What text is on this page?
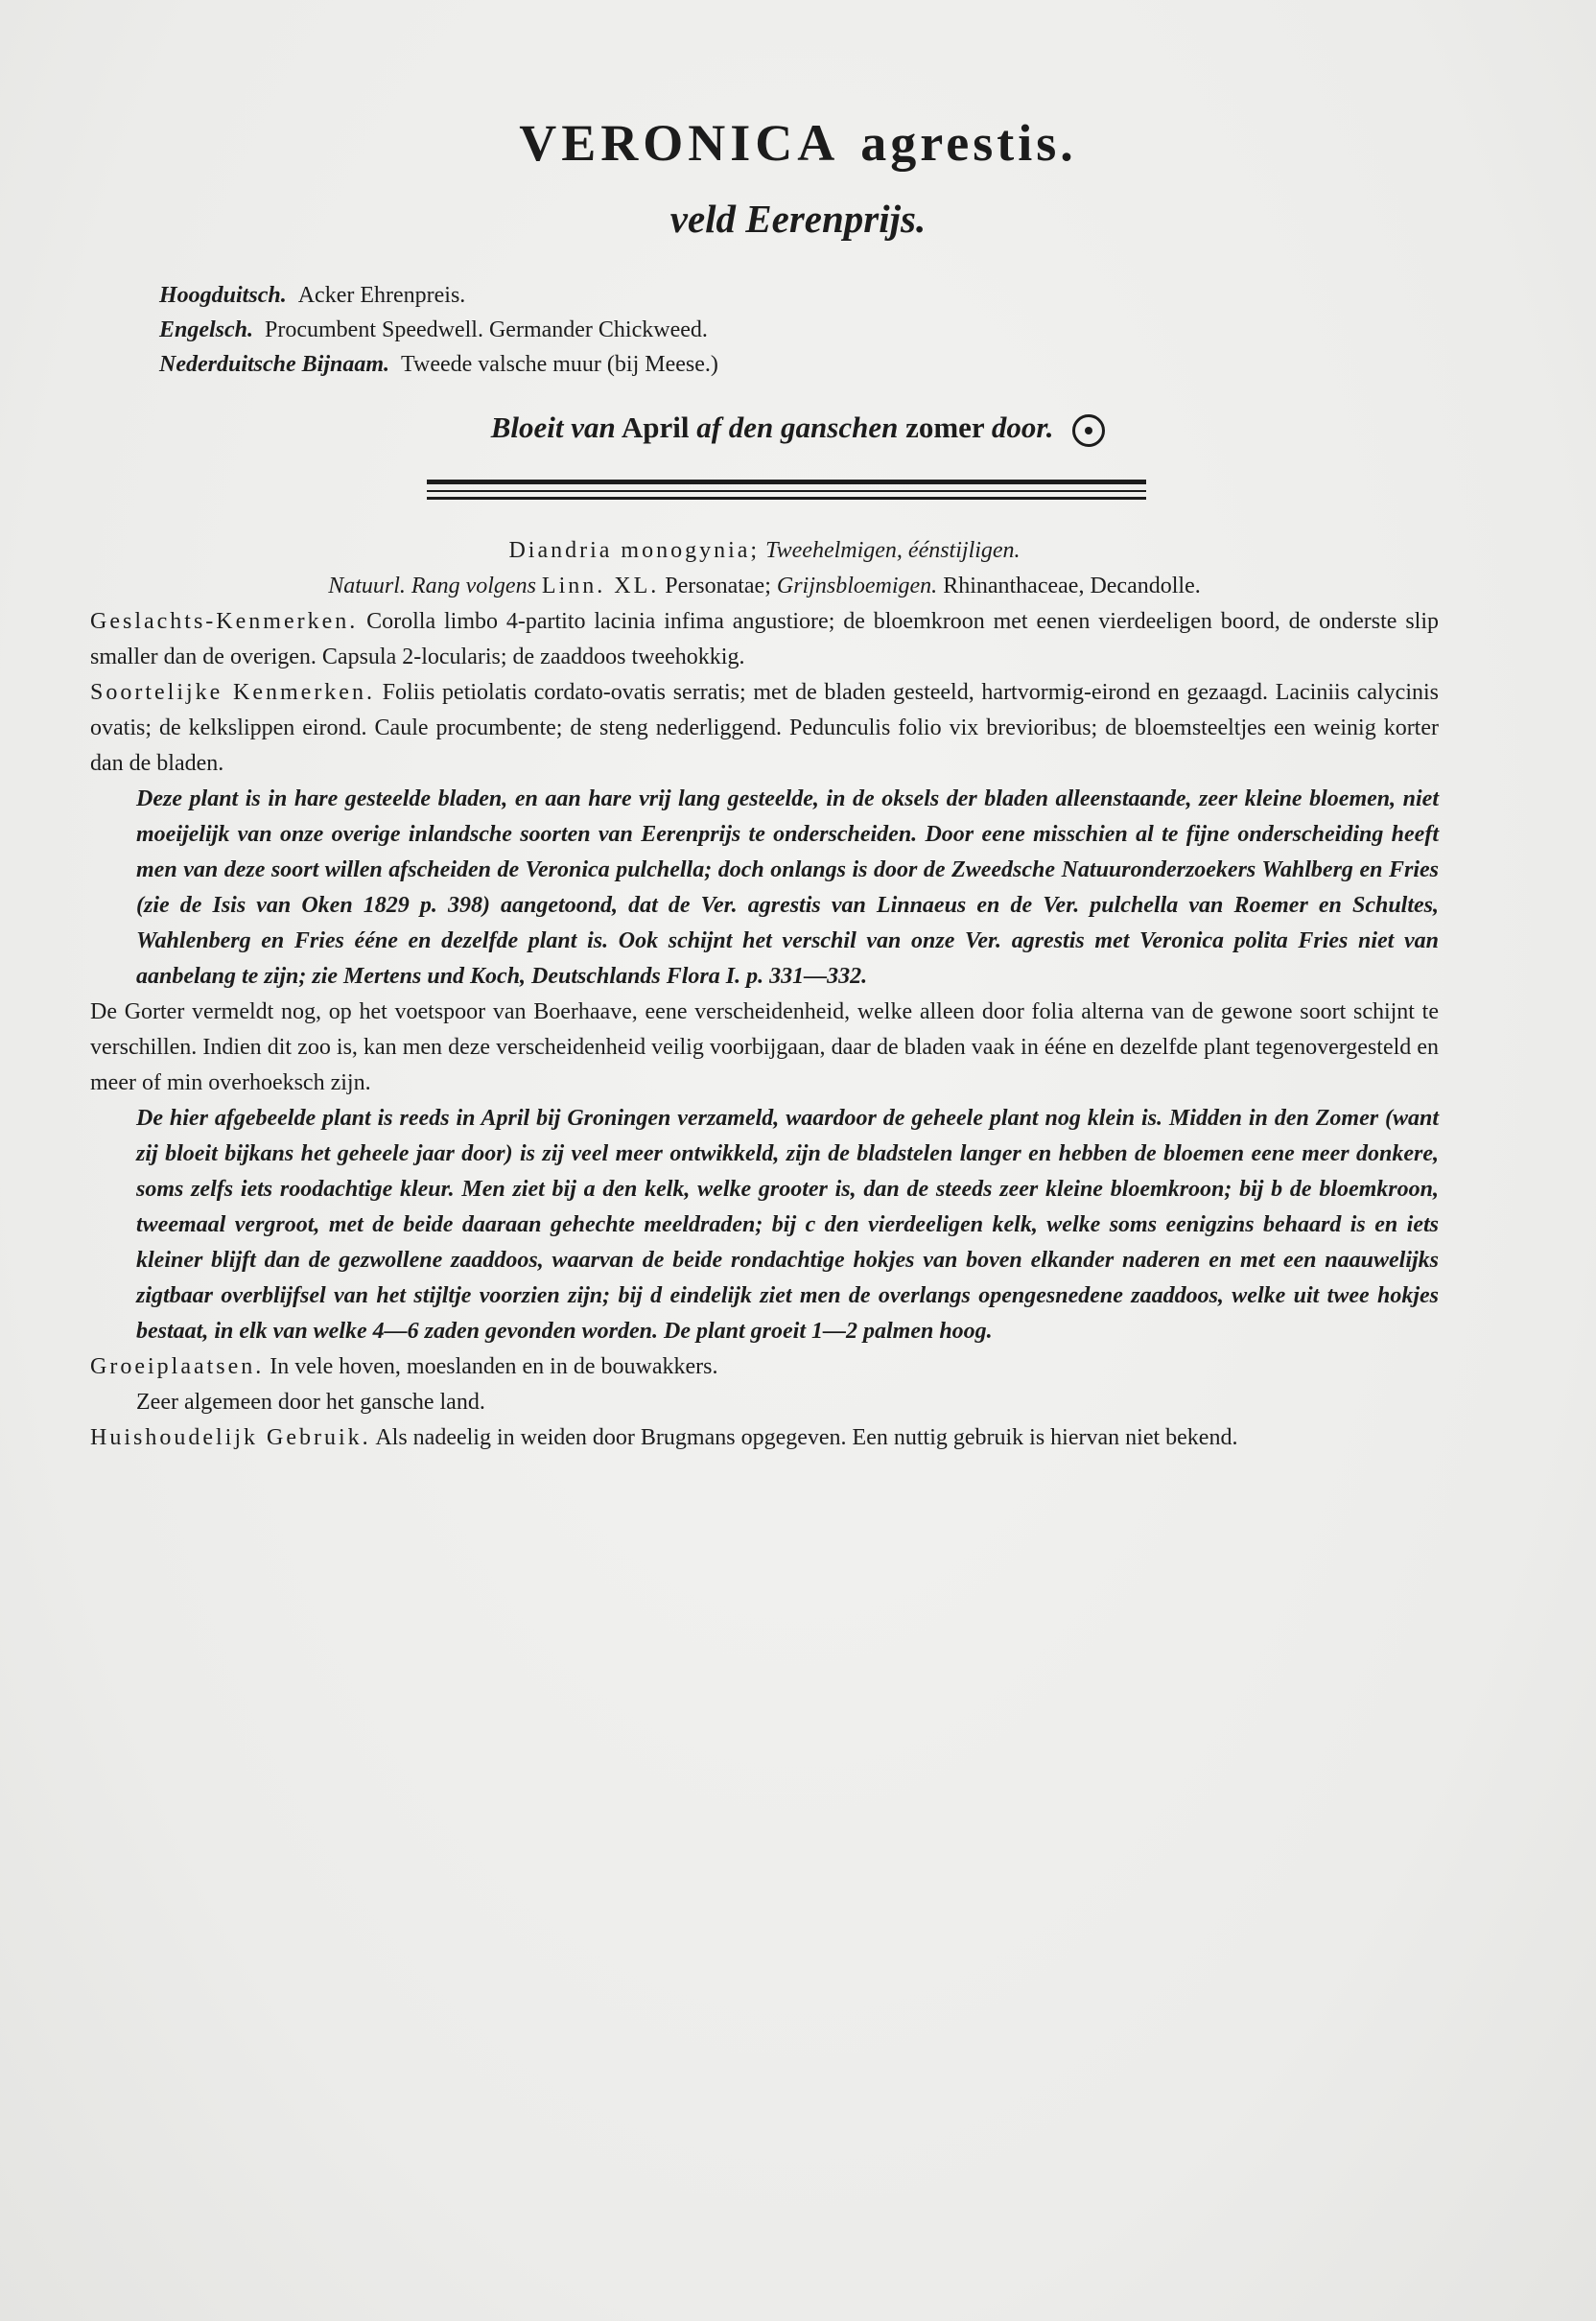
VERONICA agrestis.
veld Eerenprijs.
Hoogduitsch. Acker Ehrenpreis.
Engelsch. Procumbent Speedwell. Germander Chickweed.
Nederduitsche Bijnaam. Tweede valsche muur (bij Meese.)
Bloeit van April af den ganschen zomer door.

Diandria monogynia; Tweehelmigen, éénstijligen.

Natuurl. Rang volgens Linn. XL. Personatae; Grijnsbloemigen. Rhinanthaceae, Decandolle.

Geslachts-Kenmerken. Corolla limbo 4-partito lacinia infima angustiore; de bloemkroon met eenen vierdeeligen boord, de onderste slip smaller dan de overigen. Capsula 2-locularis; de zaaddoos tweehokkig.

Soortelijke Kenmerken. Foliis petiolatis cordato-ovatis serratis; met de bladen gesteeld, hartvormig-eirond en gezaagd. Laciniis calycinis ovatis; de kelkslippen eirond. Caule procumbente; de steng nederliggend. Pedunculis folio vix brevioribus; de bloemsteeltjes een weinig korter dan de bladen.

Deze plant is in hare gesteelde bladen, en aan hare vrij lang gesteelde, in de oksels der bladen alleenstaande, zeer kleine bloemen, niet moeijelijk van onze overige inlandsche soorten van Eerenprijs te onderscheiden. Door eene misschien al te fijne onderscheiding heeft men van deze soort willen afscheiden de Veronica pulchella; doch onlangs is door de Zweedsche Natuuronderzoekers Wahlberg en Fries (zie de Isis van Oken 1829 p. 398) aangetoond, dat de Ver. agrestis van Linnaeus en de Ver. pulchella van Roemer en Schultes, Wahlenberg en Fries ééne en dezelfde plant is. Ook schijnt het verschil van onze Ver. agrestis met Veronica polita Fries niet van aanbelang te zijn; zie Mertens und Koch, Deutschlands Flora I. p. 331—332.

De Gorter vermeldt nog, op het voetspoor van Boerhaave, eene verscheidenheid, welke alleen door folia alterna van de gewone soort schijnt te verschillen. Indien dit zoo is, kan men deze verscheidenheid veilig voorbijgaan, daar de bladen vaak in ééne en dezelfde plant tegenovergesteld en meer of min overhoeksch zijn.

De hier afgebeelde plant is reeds in April bij Groningen verzameld, waardoor de geheele plant nog klein is. Midden in den Zomer (want zij bloeit bijkans het geheele jaar door) is zij veel meer ontwikkeld, zijn de bladstelen langer en hebben de bloemen eene meer donkere, soms zelfs iets roodachtige kleur. Men ziet bij a den kelk, welke grooter is, dan de steeds zeer kleine bloemkroon; bij b de bloemkroon, tweemaal vergroot, met de beide daaraan gehechte meeldraden; bij c den vierdeeligen kelk, welke soms eenigzins behaard is en iets kleiner blijft dan de gezwollene zaaddoos, waarvan de beide rondachtige hokjes van boven elkander naderen en met een naauwelijks zigtbaar overblijfsel van het stijltje voorzien zijn; bij d eindelijk ziet men de overlangs opengesnedene zaaddoos, welke uit twee hokjes bestaat, in elk van welke 4—6 zaden gevonden worden. De plant groeit 1—2 palmen hoog.

Groeiplaatsen. In vele hoven, moeslanden en in de bouwakkers.

Zeer algemeen door het gansche land.

Huishoudelijk Gebruik. Als nadeelig in weiden door Brugmans opgegeven. Een nuttig gebruik is hiervan niet bekend.
